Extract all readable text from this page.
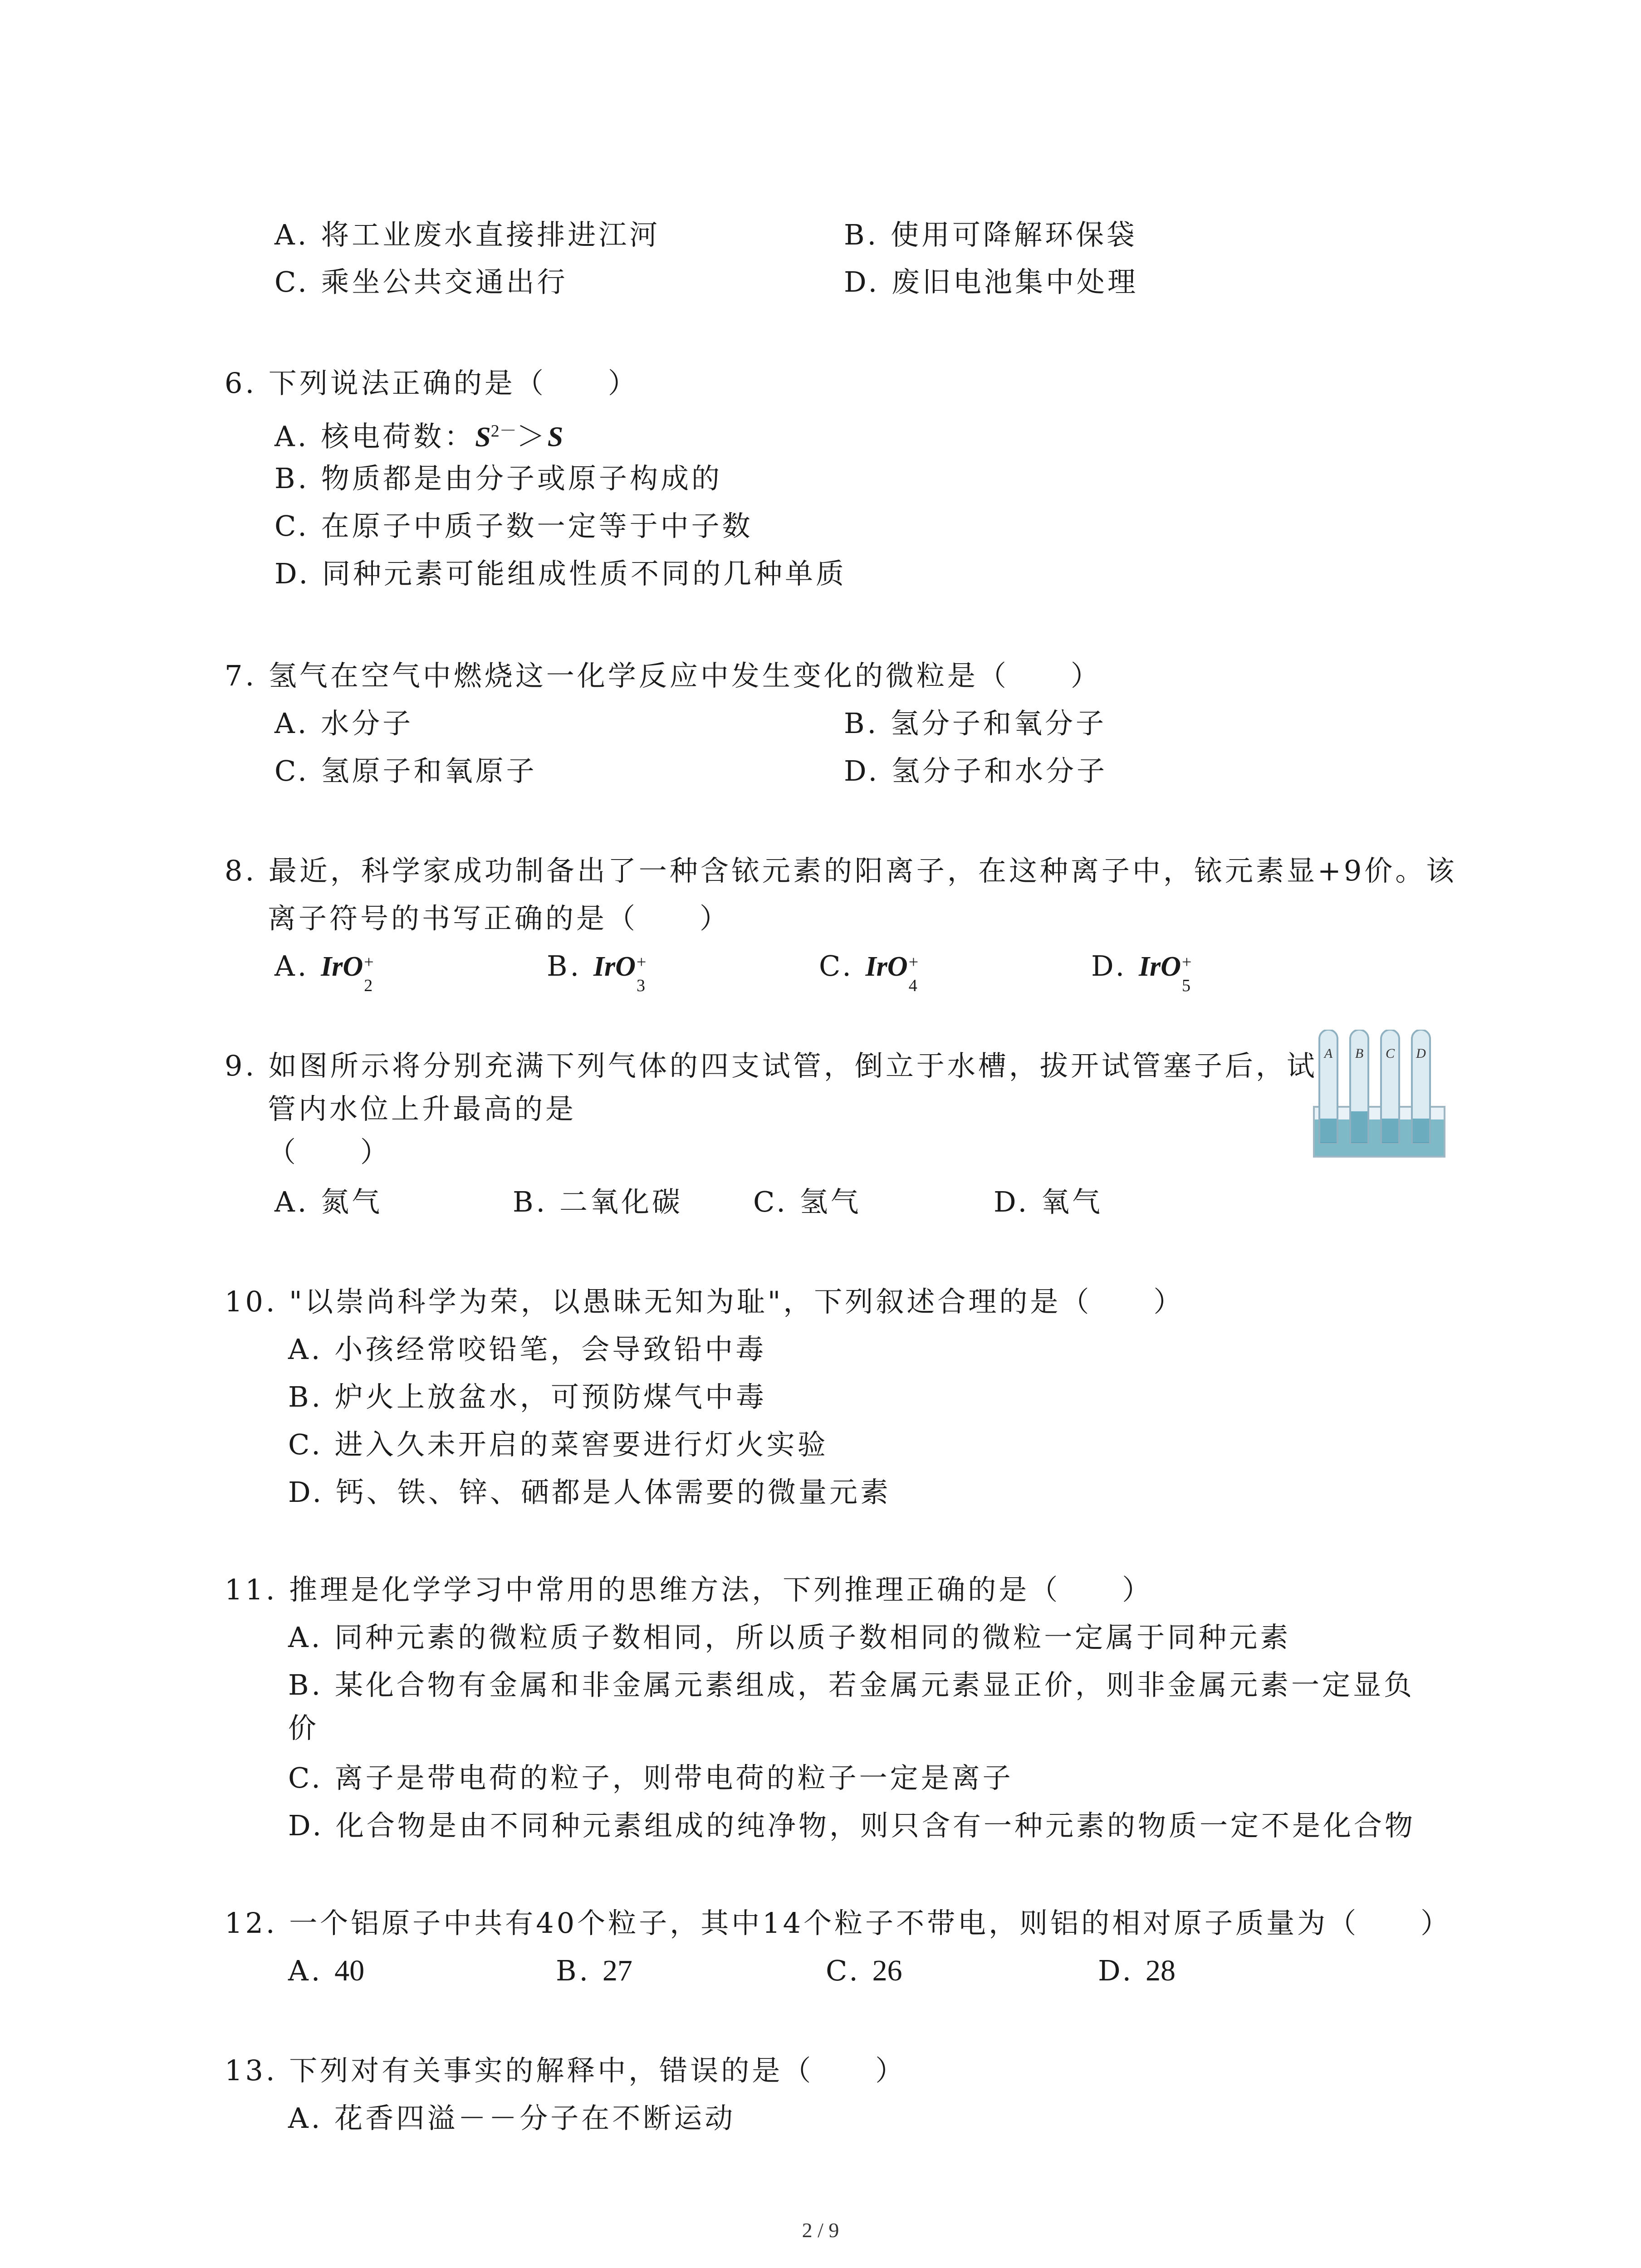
A. 将工业废水直接排进江河	B. 使用可降解环保袋
C. 乘坐公共交通出行	D. 废旧电池集中处理
6. 下列说法正确的是（　　）
A. 核电荷数：$S^{2-}>S$
B. 物质都是由分子或原子构成的
C. 在原子中质子数一定等于中子数
D. 同种元素可能组成性质不同的几种单质
7. 氢气在空气中燃烧这一化学反应中发生变化的微粒是（　　）
A. 水分子	B. 氢分子和氧分子
C. 氢原子和氧原子	D. 氢分子和水分子
8. 最近，科学家成功制备出了一种含铱元素的阳离子，在这种离子中，铱元素显+9价。该
离子符号的书写正确的是（　　）
A. IrO +
2
B. IrO +
3
C. IrO +
4
D. IrO +
5
9. 如图所示将分别充满下列气体的四支试管，倒立于水槽，拔开试管塞子后，试
管内水位上升最高的是
（　　）
A. 氮气	B. 二氧化碳 C. 氢气	D. 氧气
A B C D
10. "以崇尚科学为荣，以愚昧无知为耻"，下列叙述合理的是（　　）
A. 小孩经常咬铅笔，会导致铅中毒
B. 炉火上放盆水，可预防煤气中毒
C. 进入久未开启的菜窖要进行灯火实验
D. 钙、铁、锌、硒都是人体需要的微量元素
11. 推理是化学学习中常用的思维方法，下列推理正确的是（　　）
A. 同种元素的微粒质子数相同，所以质子数相同的微粒一定属于同种元素
B. 某化合物有金属和非金属元素组成，若金属元素显正价，则非金属元素一定显负
价
C. 离子是带电荷的粒子，则带电荷的粒子一定是离子
D. 化合物是由不同种元素组成的纯净物，则只含有一种元素的物质一定不是化合物
12. 一个铝原子中共有40个粒子，其中14个粒子不带电，则铝的相对原子质量为（　　）
A. 40	B. 27	C. 26	D. 28
13. 下列对有关事实的解释中，错误的是（　　）
A. 花香四溢－－分子在不断运动
2 / 9
